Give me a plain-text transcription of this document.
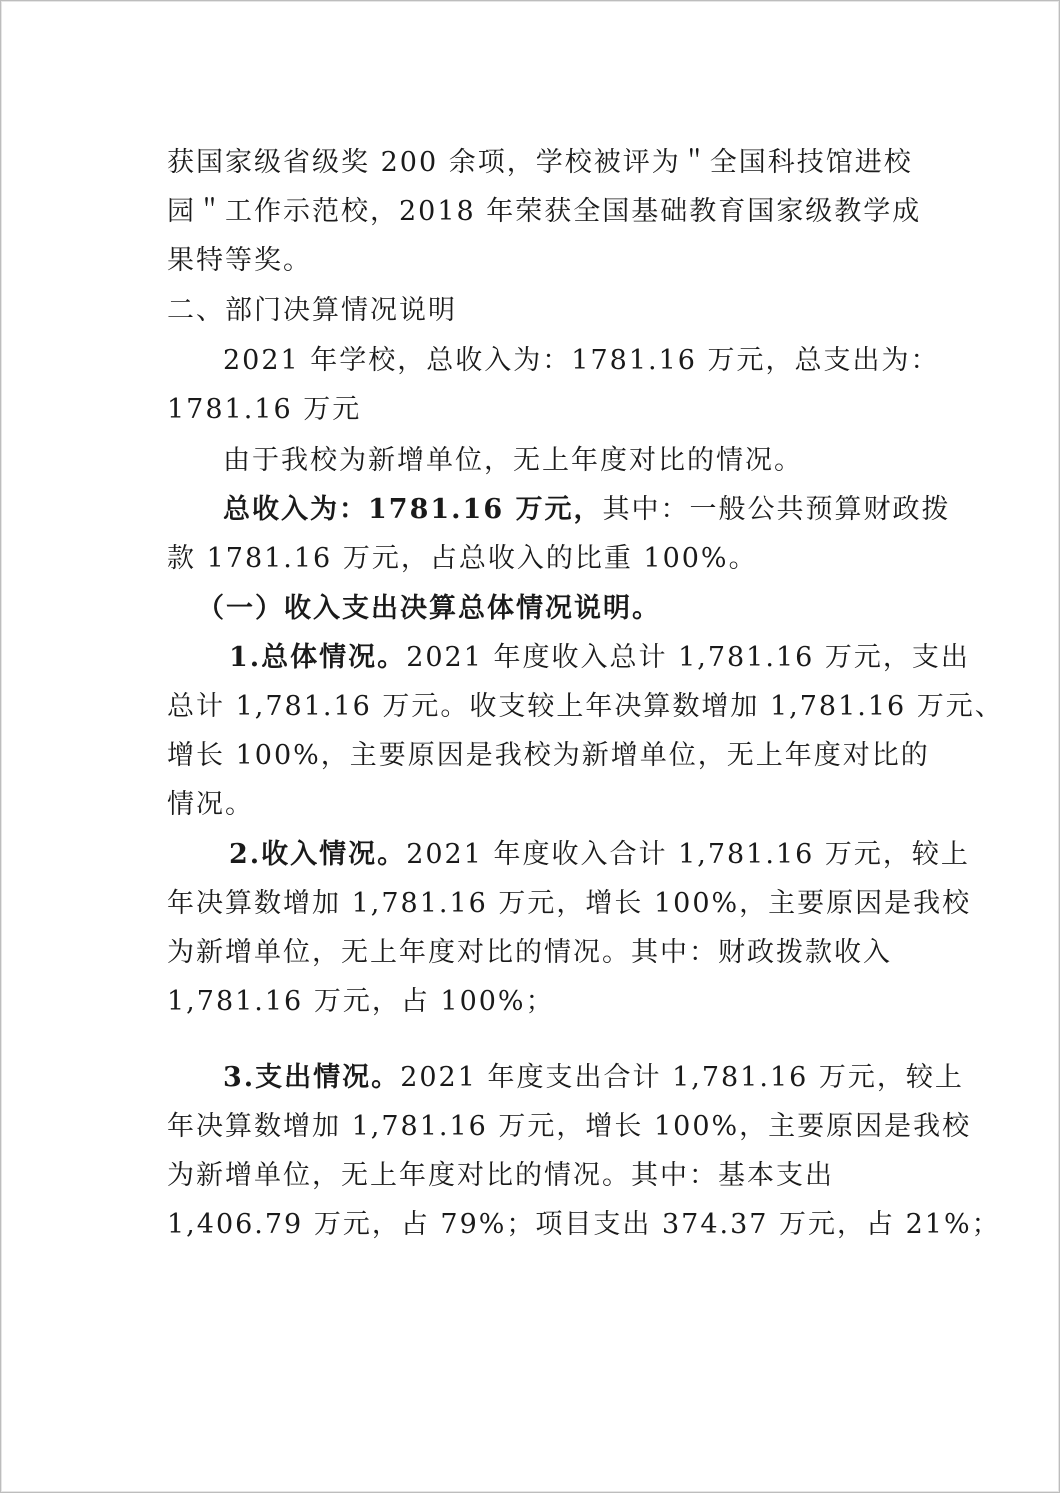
获国家级省级奖 200 余项，学校被评为＂全国科技馆进校
园＂工作示范校，2018 年荣获全国基础教育国家级教学成
果特等奖。
二、部门决算情况说明
2021 年学校，总收入为：1781.16 万元，总支出为：
1781.16 万元
由于我校为新增单位，无上年度对比的情况。
总收入为：1781.16 万元，其中：一般公共预算财政拨
款 1781.16 万元，占总收入的比重 100%。
（一）收入支出决算总体情况说明。
1.总体情况。2021 年度收入总计 1,781.16 万元，支出
总计 1,781.16 万元。收支较上年决算数增加 1,781.16 万元、
增长 100%，主要原因是我校为新增单位，无上年度对比的
情况。
2.收入情况。2021 年度收入合计 1,781.16 万元，较上
年决算数增加 1,781.16 万元，增长 100%，主要原因是我校
为新增单位，无上年度对比的情况。其中：财政拨款收入
1,781.16 万元，占 100%；
3.支出情况。2021 年度支出合计 1,781.16 万元，较上
年决算数增加 1,781.16 万元，增长 100%，主要原因是我校
为新增单位，无上年度对比的情况。其中：基本支出
1,406.79 万元，占 79%；项目支出 374.37 万元，占 21%；
